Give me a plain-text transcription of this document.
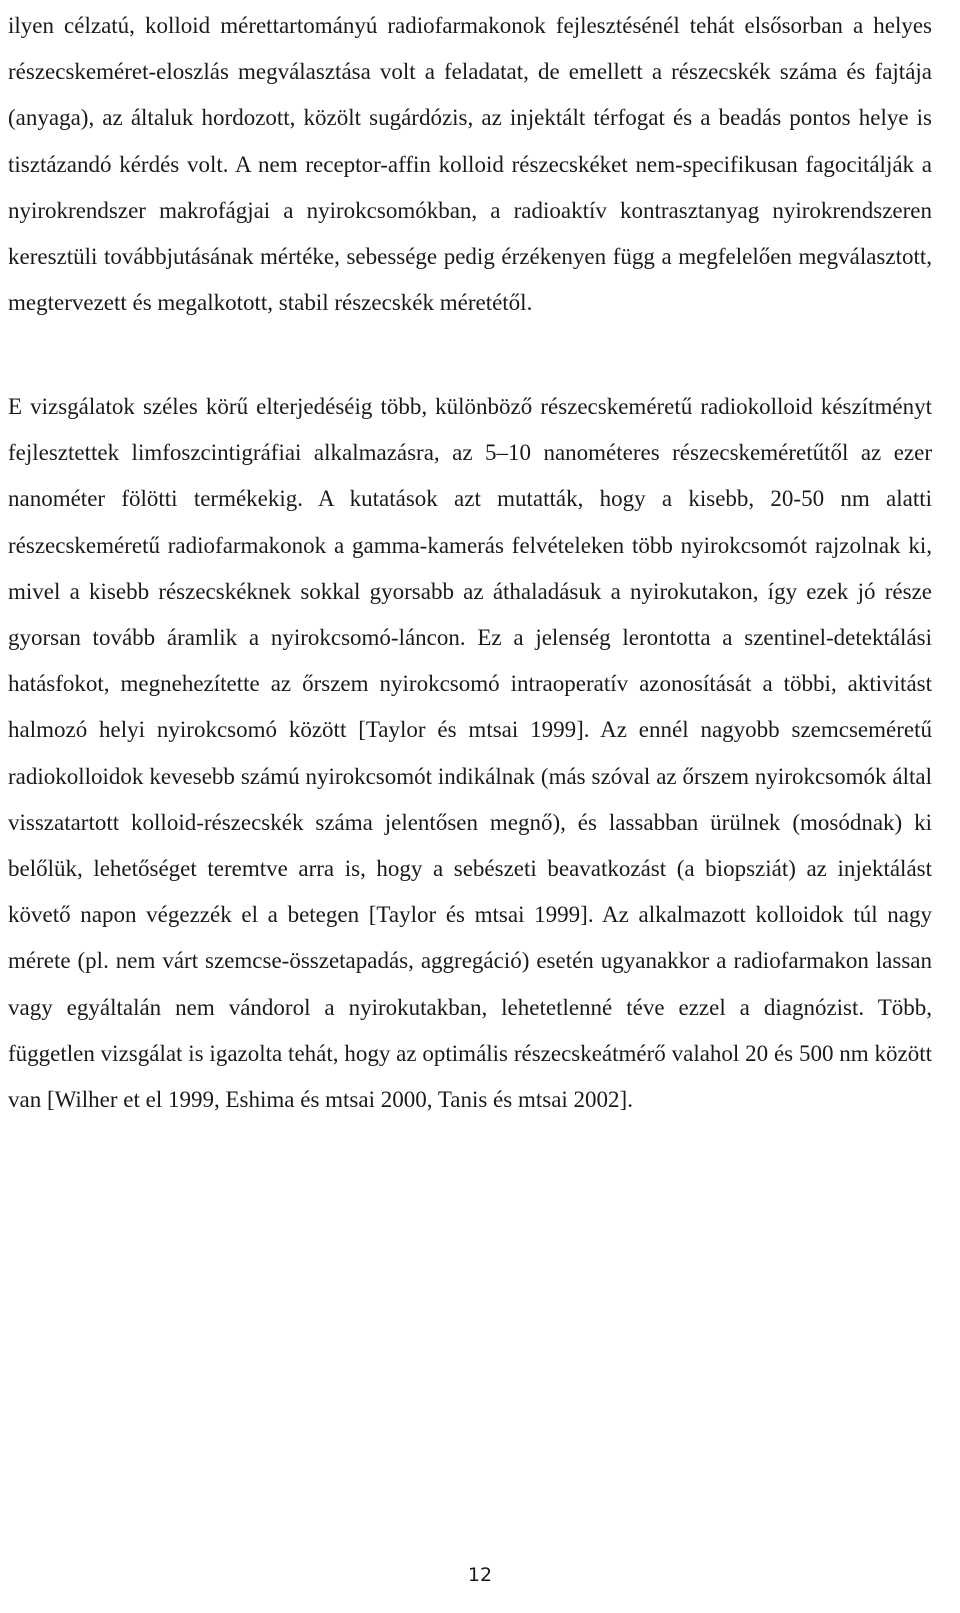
ilyen célzatú, kolloid mérettartományú radiofarmakonok fejlesztésénél tehát elsősorban a helyes részecskeméret-eloszlás megválasztása volt a feladatat, de emellett a részecskék száma és fajtája (anyaga), az általuk hordozott, közölt sugárdózis, az injektált térfogat és a beadás pontos helye is tisztázandó kérdés volt. A nem receptor-affin kolloid részecskéket nem-specifikusan fagocitálják a nyirokrendszer makrofágjai a nyirokcsomókban, a radioaktív kontrasztanyag nyirokrendszeren keresztüli továbbjutásának mértéke, sebessége pedig érzékenyen függ a megfelelően megválasztott, megtervezett és megalkotott, stabil részecskék méretétől.

E vizsgálatok széles körű elterjedéséig több, különböző részecskeméretű radiokolloid készítményt fejlesztettek limfoszcintigráfiai alkalmazásra, az 5–10 nanométeres részecskeméretűtől az ezer nanométer fölötti termékekig. A kutatások azt mutatták, hogy a kisebb, 20-50 nm alatti részecskeméretű radiofarmakonok a gamma-kamerás felvételeken több nyirokcsomót rajzolnak ki, mivel a kisebb részecskéknek sokkal gyorsabb az áthaladásuk a nyirokutakon, így ezek jó része gyorsan tovább áramlik a nyirokcsomó-láncon. Ez a jelenség lerontotta a szentinel-detektálási hatásfokot, megnehezítette az őrszem nyirokcsomó intraoperatív azonosítását a többi, aktivitást halmozó helyi nyirokcsomó között [Taylor és mtsai 1999]. Az ennél nagyobb szemcseméretű radiokolloidok kevesebb számú nyirokcsomót indikálnak (más szóval az őrszem nyirokcsomók által visszatartott kolloid-részecskék száma jelentősen megnő), és lassabban ürülnek (mosódnak) ki belőlük, lehetőséget teremtve arra is, hogy a sebészeti beavatkozást (a biopsziát) az injektálást követő napon végezzék el a betegen [Taylor és mtsai 1999]. Az alkalmazott kolloidok túl nagy mérete (pl. nem várt szemcse-összetapadás, aggregáció) esetén ugyanakkor a radiofarmakon lassan vagy egyáltalán nem vándorol a nyirokutakban, lehetetlenné téve ezzel a diagnózist. Több, független vizsgálat is igazolta tehát, hogy az optimális részecskeátmérő valahol 20 és 500 nm között van [Wilher et el 1999, Eshima és mtsai 2000, Tanis és mtsai 2002].

12
